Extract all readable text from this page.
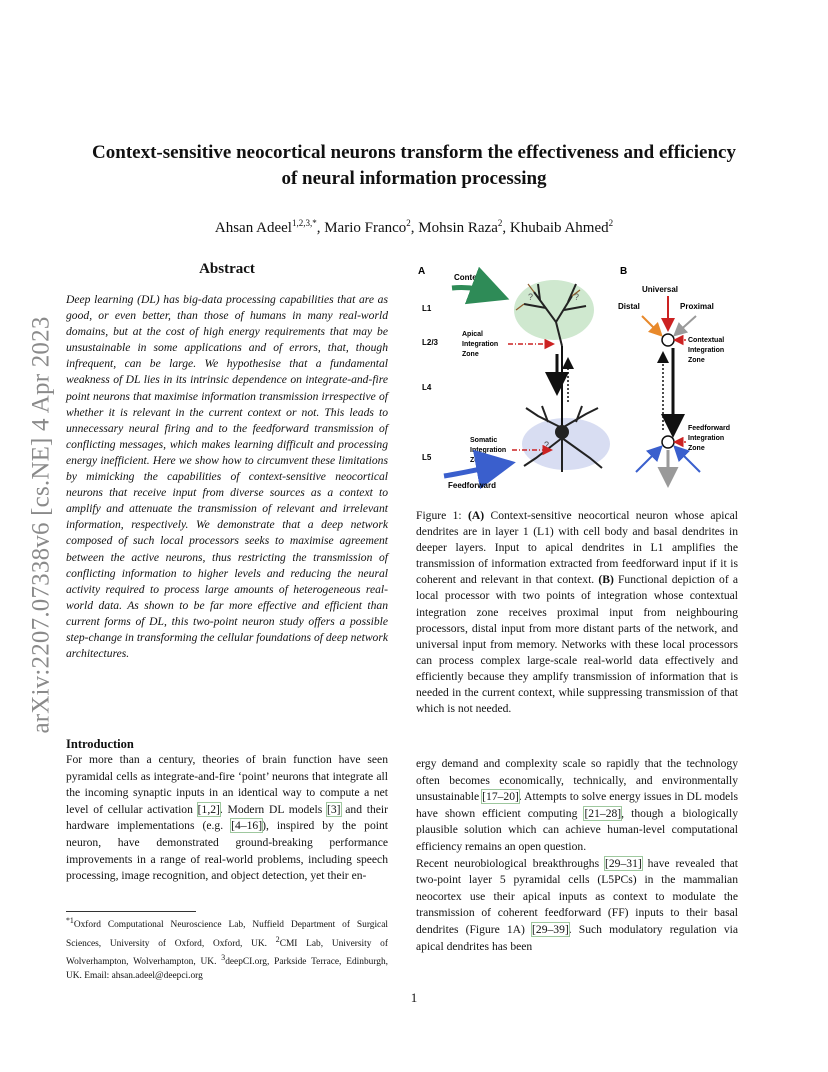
arXiv:2207.07338v6 [cs.NE] 4 Apr 2023
Context-sensitive neocortical neurons transform the effectiveness and efficiency
of neural information processing
Ahsan Adeel$^{1,2,3,*}$, Mario Franco$^2$, Mohsin Raza$^2$, Khubaib Ahmed$^2$
Abstract
Deep learning (DL) has big-data processing capabilities that are as good, or even better, than those of humans in many real-world domains, but at the cost of high energy requirements that may be unsustainable in some applications and of errors, that, though infrequent, can be large. We hypothesise that a fundamental weakness of DL lies in its intrinsic dependence on integrate-and-fire point neurons that maximise information transmission irrespective of whether it is relevant in the current context or not. This leads to unnecessary neural firing and to the feedforward transmission of conflicting messages, which makes learning difficult and processing energy inefficient. Here we show how to circumvent these limitations by mimicking the capabilities of context-sensitive neocortical neurons that receive input from diverse sources as a context to amplify and attenuate the transmission of relevant and irrelevant information, respectively. We demonstrate that a deep network composed of such local processors seeks to maximise agreement between the active neurons, thus restricting the transmission of conflicting information to higher levels and reducing the neural activity required to process large amounts of heterogeneous real-world data. As shown to be far more effective and efficient than current forms of DL, this two-point neuron study offers a possible step-change in transforming the cellular foundations of deep network architectures.
Introduction
For more than a century, theories of brain function have seen pyramidal cells as integrate-and-fire ‘point’ neurons that integrate all the incoming synaptic inputs in an identical way to compute a net level of cellular activation [1,2]. Modern DL models [3] and their hardware implementations (e.g. [4–16]), inspired by the point neuron, have demonstrated ground-breaking performance improvements in a range of real-world problems, including speech processing, image recognition, and object detection, yet their en-
$^{*1}$Oxford Computational Neuroscience Lab, Nuffield Department of Surgical Sciences, University of Oxford, Oxford, UK. $^2$CMI Lab, University of Wolverhampton, Wolverhampton, UK. $^3$deepCI.org, Parkside Terrace, Edinburgh, UK. Email: ahsan.adeel@deepci.org
A
Context
L1
L2/3
L4
L5
?	?
Apical
Integration
Zone
?
Somatic
Integration
Zone
Feedforward
B
Universal
Distal	Proximal
Contextual
Integration
Zone
Feedforward
Integration
Zone
Figure 1: (A) Context-sensitive neocortical neuron whose apical dendrites are in layer 1 (L1) with cell body and basal dendrites in deeper layers. Input to apical dendrites in L1 amplifies the transmission of information extracted from feedforward input if it is coherent and relevant in that context. (B) Functional depiction of a local processor with two points of integration whose contextual integration zone receives proximal input from neighbouring processors, distal input from more distant parts of the network, and universal input from memory. Networks with these local processors can process complex large-scale real-world data effectively and efficiently because they amplify transmission of information that is needed in the current context, while suppressing transmission of that which is not needed.
ergy demand and complexity scale so rapidly that the technology often becomes economically, technically, and environmentally unsustainable [17–20]. Attempts to solve energy issues in DL models have shown efficient computing [21–28], though a biologically plausible solution which can achieve human-level computational efficiency remains an open question.
Recent neurobiological breakthroughs [29–31] have revealed that two-point layer 5 pyramidal cells (L5PCs) in the mammalian neocortex use their apical inputs as context to modulate the transmission of coherent feedforward (FF) inputs to their basal dendrites (Figure 1A) [29–39]. Such modulatory regulation via apical dendrites has been
1
